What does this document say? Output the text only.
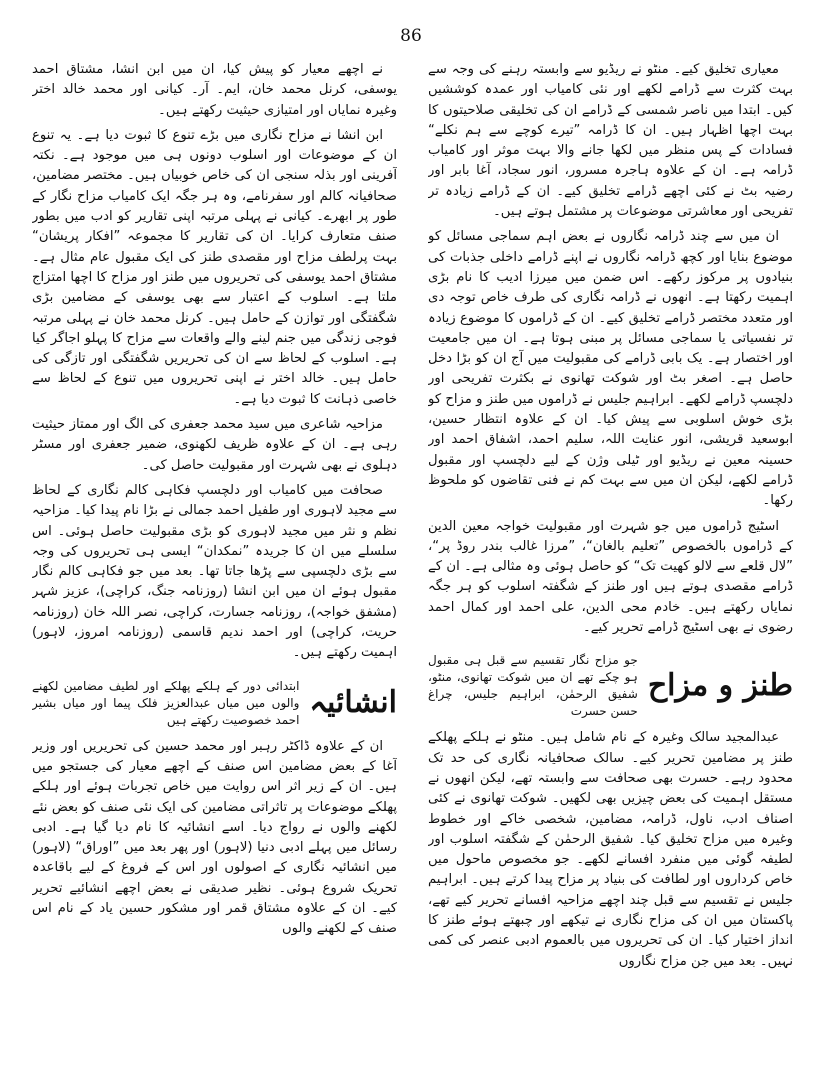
86

معیاری تخلیق کیے۔ منٹو نے ریڈیو سے وابستہ رہنے کی وجہ سے بہت کثرت سے ڈرامے لکھے اور نئی کامیاب اور عمدہ کوششیں کیں۔ ابتدا میں ناصر شمسی کے ڈرامے ان کی تخلیقی صلاحیتوں کا بہت اچھا اظہار ہیں۔ ان کا ڈرامہ ”تیرے کوچے سے ہم نکلے“ فسادات کے پس منظر میں لکھا جانے والا بہت موثر اور کامیاب ڈرامہ ہے۔ ان کے علاوہ ہاجرہ مسرور، انور سجاد، آغا بابر اور رضیہ بٹ نے کئی اچھے ڈرامے تخلیق کیے۔ ان کے ڈرامے زیادہ تر تفریحی اور معاشرتی موضوعات پر مشتمل ہوتے ہیں۔

ان میں سے چند ڈرامہ نگاروں نے بعض اہم سماجی مسائل کو موضوع بنایا اور کچھ ڈرامہ نگاروں نے اپنے ڈرامے داخلی جذبات کی بنیادوں پر مرکوز رکھے۔ اس ضمن میں میرزا ادیب کا نام بڑی اہمیت رکھتا ہے۔ انھوں نے ڈرامہ نگاری کی طرف خاص توجہ دی اور متعدد مختصر ڈرامے تخلیق کیے۔ ان کے ڈراموں کا موضوع زیادہ تر نفسیاتی یا سماجی مسائل پر مبنی ہوتا ہے۔ ان میں جامعیت اور اختصار ہے۔ یک بابی ڈرامے کی مقبولیت میں آج ان کو بڑا دخل حاصل ہے۔ اصغر بٹ اور شوکت تھانوی نے بکثرت تفریحی اور دلچسپ ڈرامے لکھے۔ ابراہیم جلیس نے ڈراموں میں طنز و مزاح کو بڑی خوش اسلوبی سے پیش کیا۔ ان کے علاوہ انتظار حسین، ابوسعید قریشی، انور عنایت اللہ، سلیم احمد، اشفاق احمد اور حسینہ معین نے ریڈیو اور ٹیلی وژن کے لیے دلچسپ اور مقبول ڈرامے لکھے، لیکن ان میں سے بہت کم نے فنی تقاضوں کو ملحوظ رکھا۔

اسٹیج ڈراموں میں جو شہرت اور مقبولیت خواجہ معین الدین کے ڈراموں بالخصوص ”تعلیم بالغان“، ”مرزا غالب بندر روڈ پر“، ”لال قلعے سے لالو کھیت تک“ کو حاصل ہوئی وہ مثالی ہے۔ ان کے ڈرامے مقصدی ہوتے ہیں اور طنز کے شگفتہ اسلوب کو ہر جگہ نمایاں رکھتے ہیں۔ خادم محی الدین، علی احمد اور کمال احمد رضوی نے بھی اسٹیج ڈرامے تحریر کیے۔

طنز و مزاح
جو مزاح نگار تقسیم سے قبل ہی مقبول ہو چکے تھے ان میں شوکت تھانوی، منٹو، شفیق الرحمٰن، ابراہیم جلیس، چراغ حسن حسرت

عبدالمجید سالک وغیرہ کے نام شامل ہیں۔ منٹو نے ہلکے پھلکے طنز پر مضامین تحریر کیے۔ سالک صحافیانہ نگاری کی حد تک محدود رہے۔ حسرت بھی صحافت سے وابستہ تھے، لیکن انھوں نے مستقل اہمیت کی بعض چیزیں بھی لکھیں۔ شوکت تھانوی نے کئی اصناف ادب، ناول، ڈرامہ، مضامین، شخصی خاکے اور خطوط وغیرہ میں مزاح تخلیق کیا۔ شفیق الرحمٰن کے شگفتہ اسلوب اور لطیفہ گوئی میں منفرد افسانے لکھے۔ جو مخصوص ماحول میں خاص کرداروں اور لطافت کی بنیاد پر مزاح پیدا کرتے ہیں۔ ابراہیم جلیس نے تقسیم سے قبل چند اچھے مزاحیہ افسانے تحریر کیے تھے، پاکستان میں ان کی مزاح نگاری نے تیکھے اور چبھتے ہوئے طنز کا انداز اختیار کیا۔ ان کی تحریروں میں بالعموم ادبی عنصر کی کمی نہیں۔ بعد میں جن مزاح نگاروں

نے اچھے معیار کو پیش کیا، ان میں ابن انشا، مشتاق احمد یوسفی، کرنل محمد خان، ایم۔ آر۔ کیانی اور محمد خالد اختر وغیرہ نمایاں اور امتیازی حیثیت رکھتے ہیں۔

ابن انشا نے مزاح نگاری میں بڑے تنوع کا ثبوت دیا ہے۔ یہ تنوع ان کے موضوعات اور اسلوب دونوں ہی میں موجود ہے۔ نکتہ آفرینی اور بذلہ سنجی ان کی خاص خوبیاں ہیں۔ مختصر مضامین، صحافیانہ کالم اور سفرنامے، وہ ہر جگہ ایک کامیاب مزاح نگار کے طور پر ابھرے۔ کیانی نے پہلی مرتبہ اپنی تقاریر کو ادب میں بطور صنف متعارف کرایا۔ ان کی تقاریر کا مجموعہ ”افکار پریشان“ بہت پرلطف مزاح اور مقصدی طنز کی ایک مقبول عام مثال ہے۔ مشتاق احمد یوسفی کی تحریروں میں طنز اور مزاح کا اچھا امتزاج ملتا ہے۔ اسلوب کے اعتبار سے بھی یوسفی کے مضامین بڑی شگفتگی اور توازن کے حامل ہیں۔ کرنل محمد خان نے پہلی مرتبہ فوجی زندگی میں جنم لینے والے واقعات سے مزاح کا پہلو اجاگر کیا ہے۔ اسلوب کے لحاظ سے ان کی تحریریں شگفتگی اور تازگی کی حامل ہیں۔ خالد اختر نے اپنی تحریروں میں تنوع کے لحاظ سے خاصی ذہانت کا ثبوت دیا ہے۔

مزاحیہ شاعری میں سید محمد جعفری کی الگ اور ممتاز حیثیت رہی ہے۔ ان کے علاوہ ظریف لکھنوی، ضمیر جعفری اور مسٹر دہلوی نے بھی شہرت اور مقبولیت حاصل کی۔

صحافت میں کامیاب اور دلچسپ فکاہی کالم نگاری کے لحاظ سے مجید لاہوری اور طفیل احمد جمالی نے بڑا نام پیدا کیا۔ مزاحیہ نظم و نثر میں مجید لاہوری کو بڑی مقبولیت حاصل ہوئی۔ اس سلسلے میں ان کا جریدہ ”نمکدان“ ایسی ہی تحریروں کی وجہ سے بڑی دلچسپی سے پڑھا جاتا تھا۔ بعد میں جو فکاہی کالم نگار مقبول ہوئے ان میں ابن انشا (روزنامہ جنگ، کراچی)، عزیز شہر (مشفق خواجہ)، روزنامہ جسارت، کراچی، نصر اللہ خان (روزنامہ حریت، کراچی) اور احمد ندیم قاسمی (روزنامہ امروز، لاہور) اہمیت رکھتے ہیں۔

انشائیہ
ابتدائی دور کے ہلکے پھلکے اور لطیف مضامین لکھنے والوں میں میاں عبدالعزیز فلک پیما اور میاں بشیر احمد خصوصیت رکھتے ہیں

ان کے علاوہ ڈاکٹر رہبر اور محمد حسین کی تحریریں اور وزیر آغا کے بعض مضامین اس صنف کے اچھے معیار کی جستجو میں ہیں۔ ان کے زیر اثر اس روایت میں خاص تجربات ہوئے اور ہلکے پھلکے موضوعات پر تاثراتی مضامین کی ایک نئی صنف کو بعض نئے لکھنے والوں نے رواج دیا۔ اسے انشائیہ کا نام دیا گیا ہے۔ ادبی رسائل میں پہلے ادبی دنیا (لاہور) اور پھر بعد میں ”اوراق“ (لاہور) میں انشائیہ نگاری کے اصولوں اور اس کے فروغ کے لیے باقاعدہ تحریک شروع ہوئی۔ نظیر صدیقی نے بعض اچھے انشائیے تحریر کیے۔ ان کے علاوہ مشتاق قمر اور مشکور حسین یاد کے نام اس صنف کے لکھنے والوں
